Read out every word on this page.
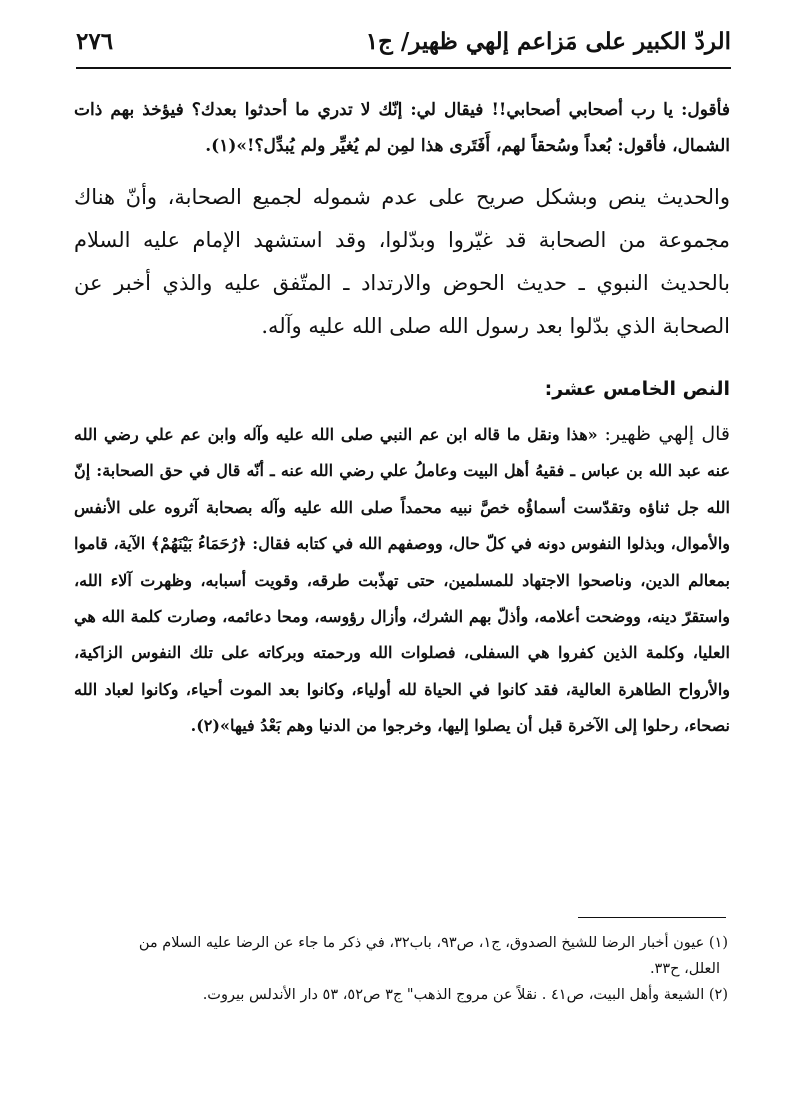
الردّ الكبير على مَزاعم إلهي ظهير/ ج١
٢٧٦

فأقول: يا رب أصحابي أصحابي!! فيقال لي: إنّك لا تدري ما أحدثوا بعدك؟ فيؤخذ بهم ذات الشمال، فأقول: بُعداً وسُحقاً لهم، أَفَتَرى هذا لمِن لم يُغيِّر ولم يُبدِّل؟!»(١).

والحديث ينص وبشكل صريح على عدم شموله لجميع الصحابة، وأنّ هناك مجموعة من الصحابة قد غيّروا وبدّلوا، وقد استشهد الإمام عليه السلام بالحديث النبوي ـ حديث الحوض والارتداد ـ المتّفق عليه والذي أخبر عن الصحابة الذي بدّلوا بعد رسول الله صلى الله عليه وآله.

النص الخامس عشر:

قال إلهي ظهير: «هذا ونقل ما قاله ابن عم النبي صلى الله عليه وآله وابن عم علي رضي الله عنه عبد الله بن عباس ـ فقيهُ أهل البيت وعاملُ علي رضي الله عنه ـ أنّه قال في حق الصحابة: إنّ الله جل ثناؤه وتقدّست أسماؤُه خصَّ نبيه محمداً صلى الله عليه وآله بصحابة آثروه على الأنفس والأموال، وبذلوا النفوس دونه في كلّ حال، ووصفهم الله في كتابه فقال: ﴿رُحَمَاءُ بَيْنَهُمْ﴾ الآية، قاموا بمعالم الدين، وناصحوا الاجتهاد للمسلمين، حتى تهذّبت طرقه، وقويت أسبابه، وظهرت آلاء الله، واستقرّ دينه، ووضحت أعلامه، وأذلّ بهم الشرك، وأزال رؤوسه، ومحا دعائمه، وصارت كلمة الله هي العليا، وكلمة الذين كفروا هي السفلى، فصلوات الله ورحمته وبركاته على تلك النفوس الزاكية، والأرواح الطاهرة العالية، فقد كانوا في الحياة لله أولياء، وكانوا بعد الموت أحياء، وكانوا لعباد الله نصحاء، رحلوا إلى الآخرة قبل أن يصلوا إليها، وخرجوا من الدنيا وهم بَعْدُ فيها»(٢).

(١) عيون أخبار الرضا للشيخ الصدوق، ج١، ص٩٣، باب٣٢، في ذكر ما جاء عن الرضا عليه السلام من

العلل، ح٣٣.

(٢) الشيعة وأهل البيت، ص٤١ . نقلاً عن مروج الذهب" ج٣ ص٥٢، ٥٣ دار الأندلس بيروت.
